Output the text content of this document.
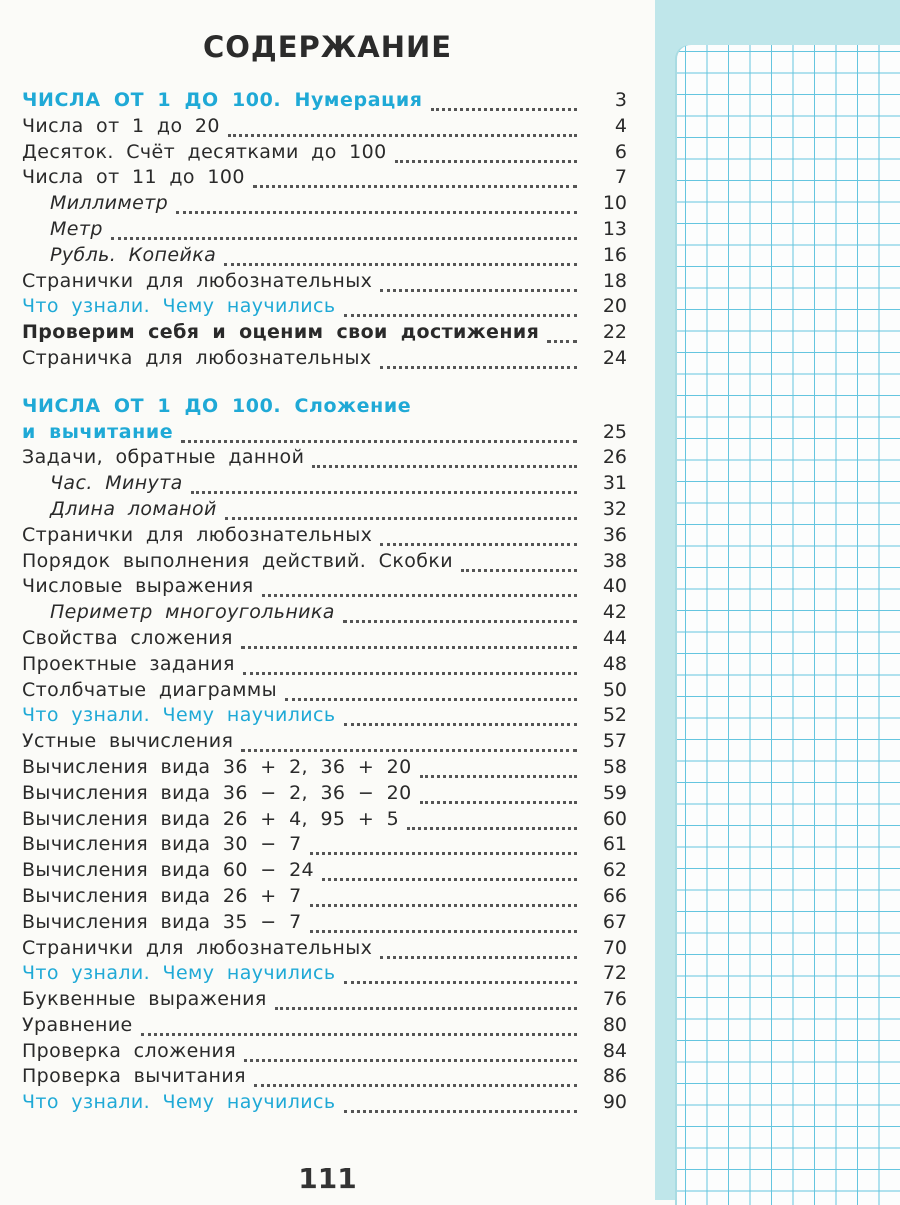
СОДЕРЖАНИЕ
ЧИСЛА ОТ 1 ДО 100. Нумерация	3
Числа от 1 до 20	4
Десяток. Счёт десятками до 100	6
Числа от 11 до 100	7
Миллиметр	10
Метр	13
Рубль. Копейка	16
Странички для любознательных	18
Что узнали. Чему научились	20
Проверим себя и оценим свои достижения	22
Страничка для любознательных	24
ЧИСЛА ОТ 1 ДО 100. Сложение
и вычитание	25
Задачи, обратные данной	26
Час. Минута	31
Длина ломаной	32
Странички для любознательных	36
Порядок выполнения действий. Скобки	38
Числовые выражения	40
Периметр многоугольника	42
Свойства сложения	44
Проектные задания	48
Столбчатые диаграммы	50
Что узнали. Чему научились	52
Устные вычисления	57
Вычисления вида 36 + 2, 36 + 20	58
Вычисления вида 36 − 2, 36 − 20	59
Вычисления вида 26 + 4, 95 + 5	60
Вычисления вида 30 − 7	61
Вычисления вида 60 − 24	62
Вычисления вида 26 + 7	66
Вычисления вида 35 − 7	67
Странички для любознательных	70
Что узнали. Чему научились	72
Буквенные выражения	76
Уравнение	80
Проверка сложения	84
Проверка вычитания	86
Что узнали. Чему научились	90
111
